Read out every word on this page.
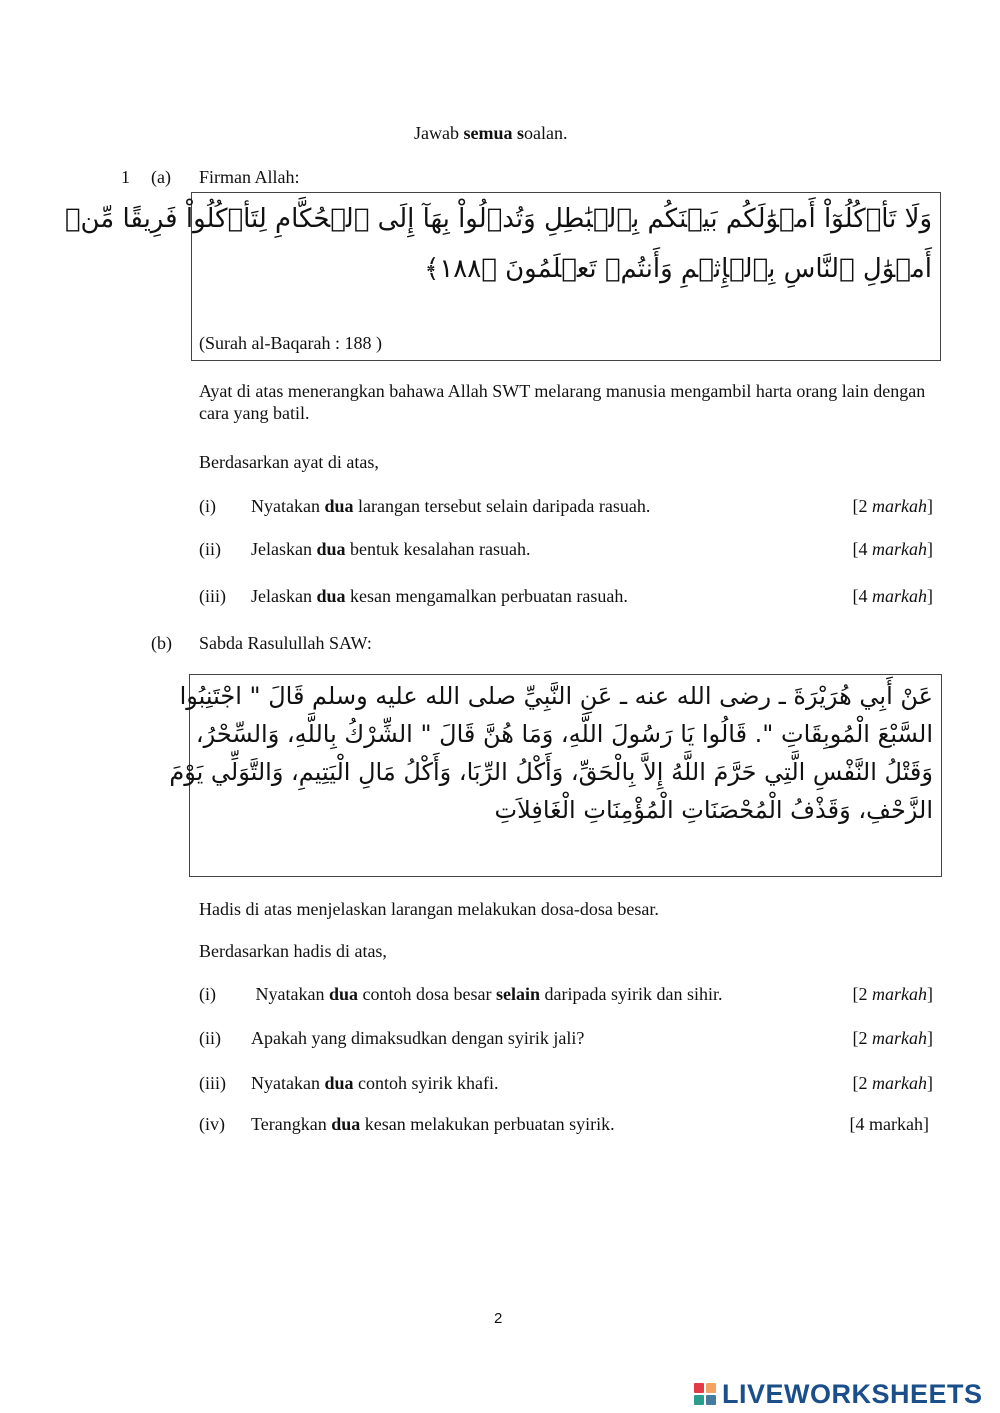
Jawab semua soalan.
1 (a) Firman Allah:
وَلَا تَأۡكُلُوٓاْ أَمۡوَٰلَكُم بَيۡنَكُم بِٱلۡبَٰطِلِ وَتُدۡلُواْ بِهَآ إِلَى ٱلۡحُكَّامِ لِتَأۡكُلُواْ فَرِيقًا مِّنۡ
أَمۡوَٰلِ ٱلنَّاسِ بِٱلۡإِثۡمِ وَأَنتُمۡ تَعۡلَمُونَ ﴿١٨٨﴾
(Surah al-Baqarah : 188 )
Ayat di atas menerangkan bahawa Allah SWT melarang manusia mengambil harta orang lain dengan cara yang batil.
Berdasarkan ayat di atas,
(i)	Nyatakan dua larangan tersebut selain daripada rasuah.	[2 markah]
(ii)	Jelaskan dua bentuk kesalahan rasuah.	[4 markah]
(iii)	Jelaskan dua kesan mengamalkan perbuatan rasuah.	[4 markah]
(b) Sabda Rasulullah SAW:
عَنْ أَبِي هُرَيْرَةَ ـ رضى الله عنه ـ عَنِ النَّبِيِّ صلى الله عليه وسلم قَالَ " اجْتَنِبُوا
السَّبْعَ الْمُوبِقَاتِ ". قَالُوا يَا رَسُولَ اللَّهِ، وَمَا هُنَّ قَالَ " الشِّرْكُ بِاللَّهِ، وَالسِّحْرُ،
وَقَتْلُ النَّفْسِ الَّتِي حَرَّمَ اللَّهُ إِلاَّ بِالْحَقِّ، وَأَكْلُ الرِّبَا، وَأَكْلُ مَالِ الْيَتِيمِ، وَالتَّوَلِّي يَوْمَ
الزَّحْفِ، وَقَذْفُ الْمُحْصَنَاتِ الْمُؤْمِنَاتِ الْغَافِلاَتِ
Hadis di atas menjelaskan larangan melakukan dosa-dosa besar.
Berdasarkan hadis di atas,
(i)	Nyatakan dua contoh dosa besar selain daripada syirik dan sihir.	[2 markah]
(ii)	Apakah yang dimaksudkan dengan syirik jali?	[2 markah]
(iii)	Nyatakan dua contoh syirik khafi.	[2 markah]
(iv)	Terangkan dua kesan melakukan perbuatan syirik.	[4 markah]
2
LIVEWORKSHEETS
